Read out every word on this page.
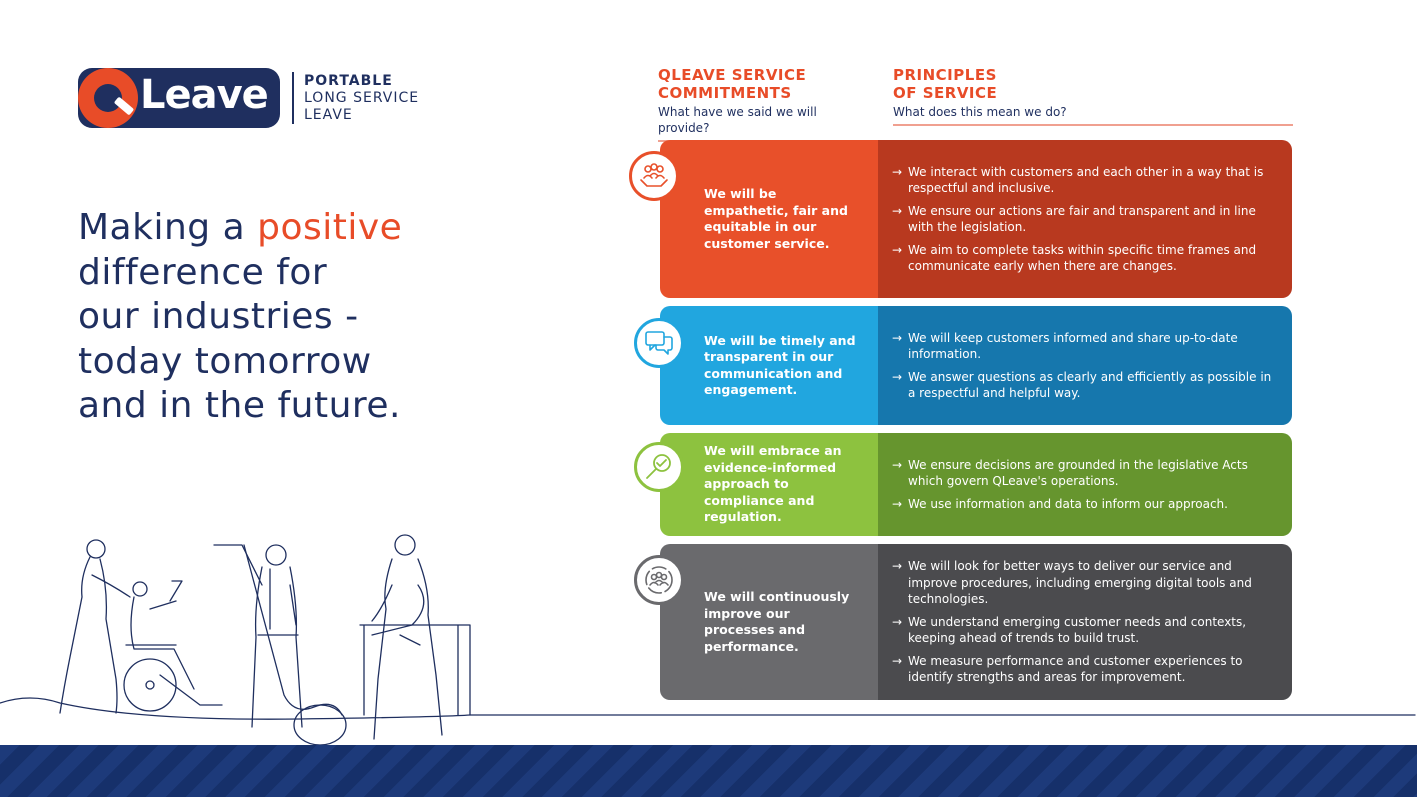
Leave	PORTABLE
LONG SERVICE
LEAVE
Making a positive
difference for
our industries -
today tomorrow
and in the future.
QLEAVE SERVICE
COMMITMENTS
What have we said we will provide?
PRINCIPLES
OF SERVICE
What does this mean we do?
We will be empathetic, fair and equitable in our customer service.
→ We interact with customers and each other in a way that is respectful and inclusive.
→ We ensure our actions are fair and transparent and in line with the legislation.
→ We aim to complete tasks within specific time frames and communicate early when there are changes.
We will be timely and transparent in our communication and engagement.
→ We will keep customers informed and share up-to-date information.
→ We answer questions as clearly and efficiently as possible in a respectful and helpful way.
We will embrace an evidence-informed approach to compliance and regulation.
→ We ensure decisions are grounded in the legislative Acts which govern QLeave's operations.
→ We use information and data to inform our approach.
We will continuously improve our processes and performance.
→ We will look for better ways to deliver our service and improve procedures, including emerging digital tools and technologies.
→ We understand emerging customer needs and contexts, keeping ahead of trends to build trust.
→ We measure performance and customer experiences to identify strengths and areas for improvement.
